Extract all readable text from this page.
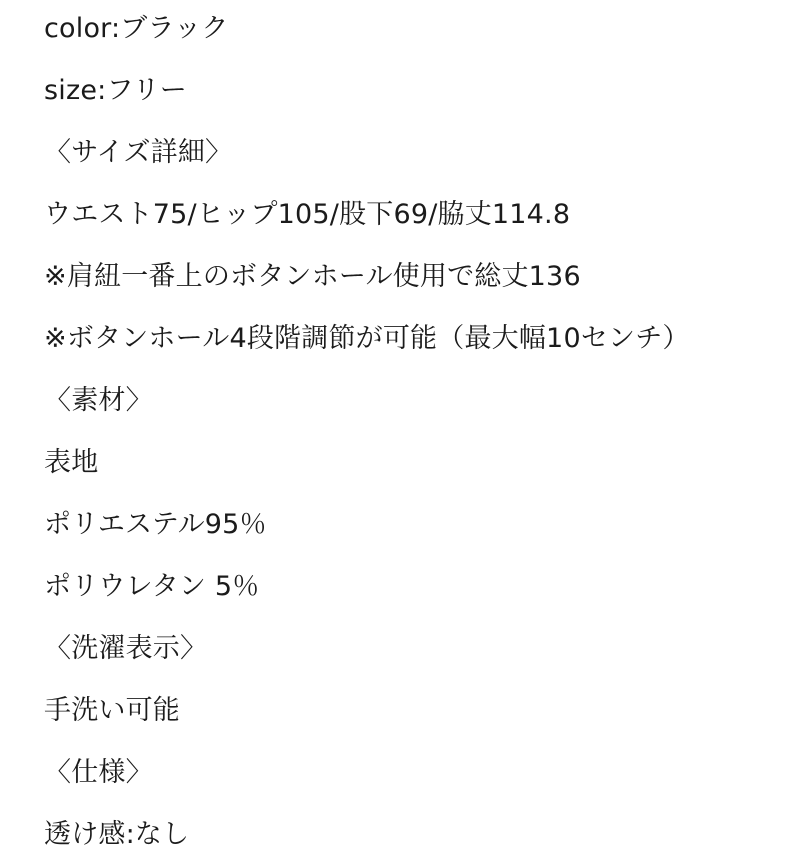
color:ブラック
size:フリー
〈サイズ詳細〉
ウエスト75/ヒップ105/股下69/脇丈114.8
※肩紐一番上のボタンホール使用で総丈136
※ボタンホール4段階調節が可能（最大幅10センチ）
〈素材〉
表地
ポリエステル95％
ポリウレタン 5％
〈洗濯表示〉
手洗い可能
〈仕様〉
透け感:なし
